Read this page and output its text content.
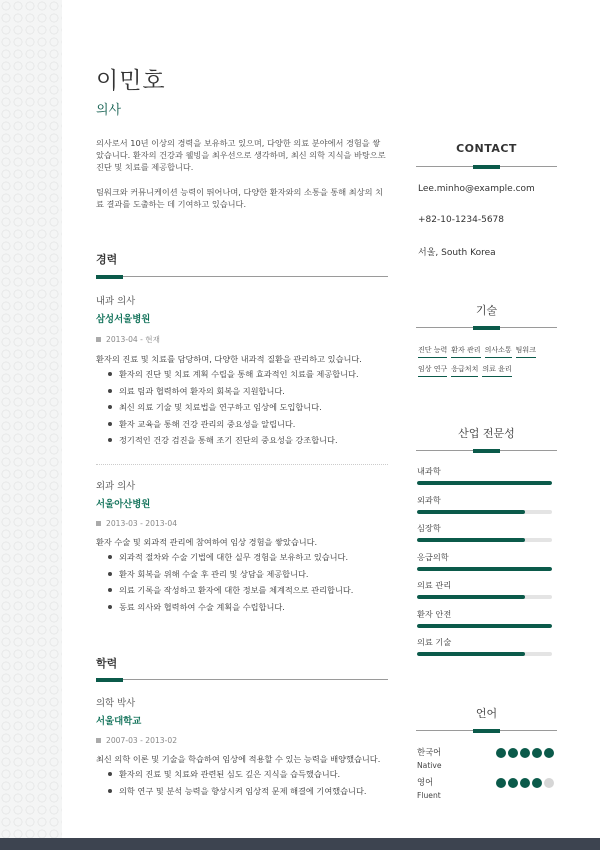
이민호
의사

의사로서 10년 이상의 경력을 보유하고 있으며, 다양한 의료 분야에서 경험을 쌓았습니다. 환자의 건강과 웰빙을 최우선으로 생각하며, 최신 의학 지식을 바탕으로 진단 및 치료를 제공합니다.

팀워크와 커뮤니케이션 능력이 뛰어나며, 다양한 환자와의 소통을 통해 최상의 치료 결과를 도출하는 데 기여하고 있습니다.

경력
내과 의사
삼성서울병원
2013-04 - 현재
환자의 진료 및 치료를 담당하며, 다양한 내과적 질환을 관리하고 있습니다.
환자의 진단 및 치료 계획 수립을 통해 효과적인 치료를 제공합니다.
의료 팀과 협력하여 환자의 회복을 지원합니다.
최신 의료 기술 및 치료법을 연구하고 임상에 도입합니다.
환자 교육을 통해 건강 관리의 중요성을 알립니다.
정기적인 건강 검진을 통해 조기 진단의 중요성을 강조합니다.
외과 의사
서울아산병원
2013-03 - 2013-04
환자 수술 및 외과적 관리에 참여하여 임상 경험을 쌓았습니다.
외과적 절차와 수술 기법에 대한 실무 경험을 보유하고 있습니다.
환자 회복을 위해 수술 후 관리 및 상담을 제공합니다.
의료 기록을 작성하고 환자에 대한 정보를 체계적으로 관리합니다.
동료 의사와 협력하여 수술 계획을 수립합니다.
학력
의학 박사
서울대학교
2007-03 - 2013-02
최신 의학 이론 및 기술을 학습하여 임상에 적용할 수 있는 능력을 배양했습니다.
환자의 진료 및 치료와 관련된 심도 깊은 지식을 습득했습니다.
의학 연구 및 분석 능력을 향상시켜 임상적 문제 해결에 기여했습니다.
CONTACT
Lee.minho@example.com
+82-10-1234-5678
서울, South Korea
기술
진단 능력 환자 관리 의사소통 팀워크
임상 연구 응급처치 의료 윤리
산업 전문성
내과학
외과학
심장학
응급의학
의료 관리
환자 안전
의료 기술
언어
한국어
Native
영어
Fluent
